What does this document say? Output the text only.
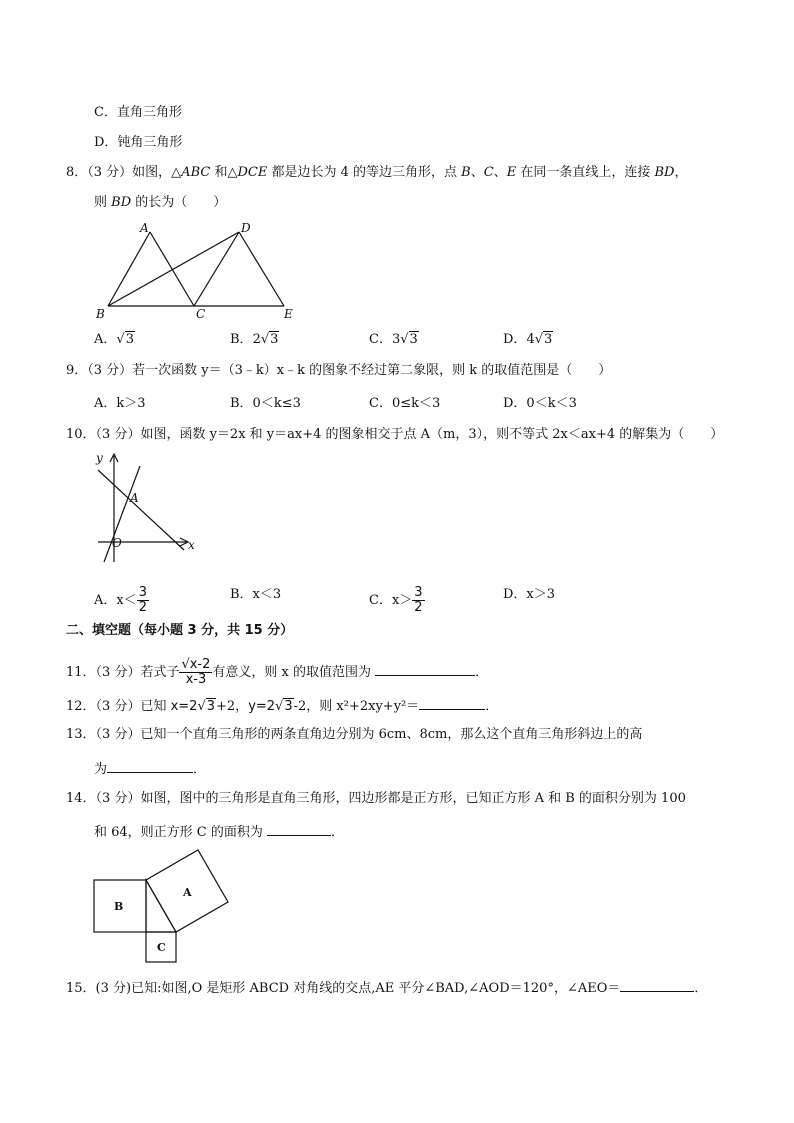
C．直角三角形
D．钝角三角形
8．（3 分）如图，△ABC 和△DCE 都是边长为 4 的等边三角形，点 B、C、E 在同一条直线上，连接 BD，
则 BD 的长为（　　）
A	D
B	C	E
A．√3	B．2√3	C．3√3	D．4√3
9．（3 分）若一次函数 y＝（3﹣k）x﹣k 的图象不经过第二象限，则 k 的取值范围是（　　）
A．k＞3	B．0＜k≤3	C．0≤k＜3	D．0＜k＜3
10．（3 分）如图，函数 y＝2x 和 y＝ax+4 的图象相交于点 A（m，3），则不等式 2x＜ax+4 的解集为（　　）
y
x
A
O
A．$x< \frac{3}{2}$	B．x＜3	C．$x> \frac{3}{2}$	D．x＞3
二、填空题（每小题 3 分，共 15 分）
11．（3 分）若式子 $\frac{√x-2}{x-3}$ 有意义，则 x 的取值范围为	．
12．（3 分）已知 x=2√3+2，y=2√3-2，则 x²+2xy+y²＝	．
13．（3 分）已知一个直角三角形的两条直角边分别为 6cm、8cm，那么这个直角三角形斜边上的高
为	．
14．（3 分）如图，图中的三角形是直角三角形，四边形都是正方形，已知正方形 A 和 B 的面积分别为 100
和 64，则正方形 C 的面积为	．
B
C
A
15．(3 分)已知:如图,O 是矩形 ABCD 对角线的交点,AE 平分∠BAD,∠AOD＝120°，∠AEO＝	．
